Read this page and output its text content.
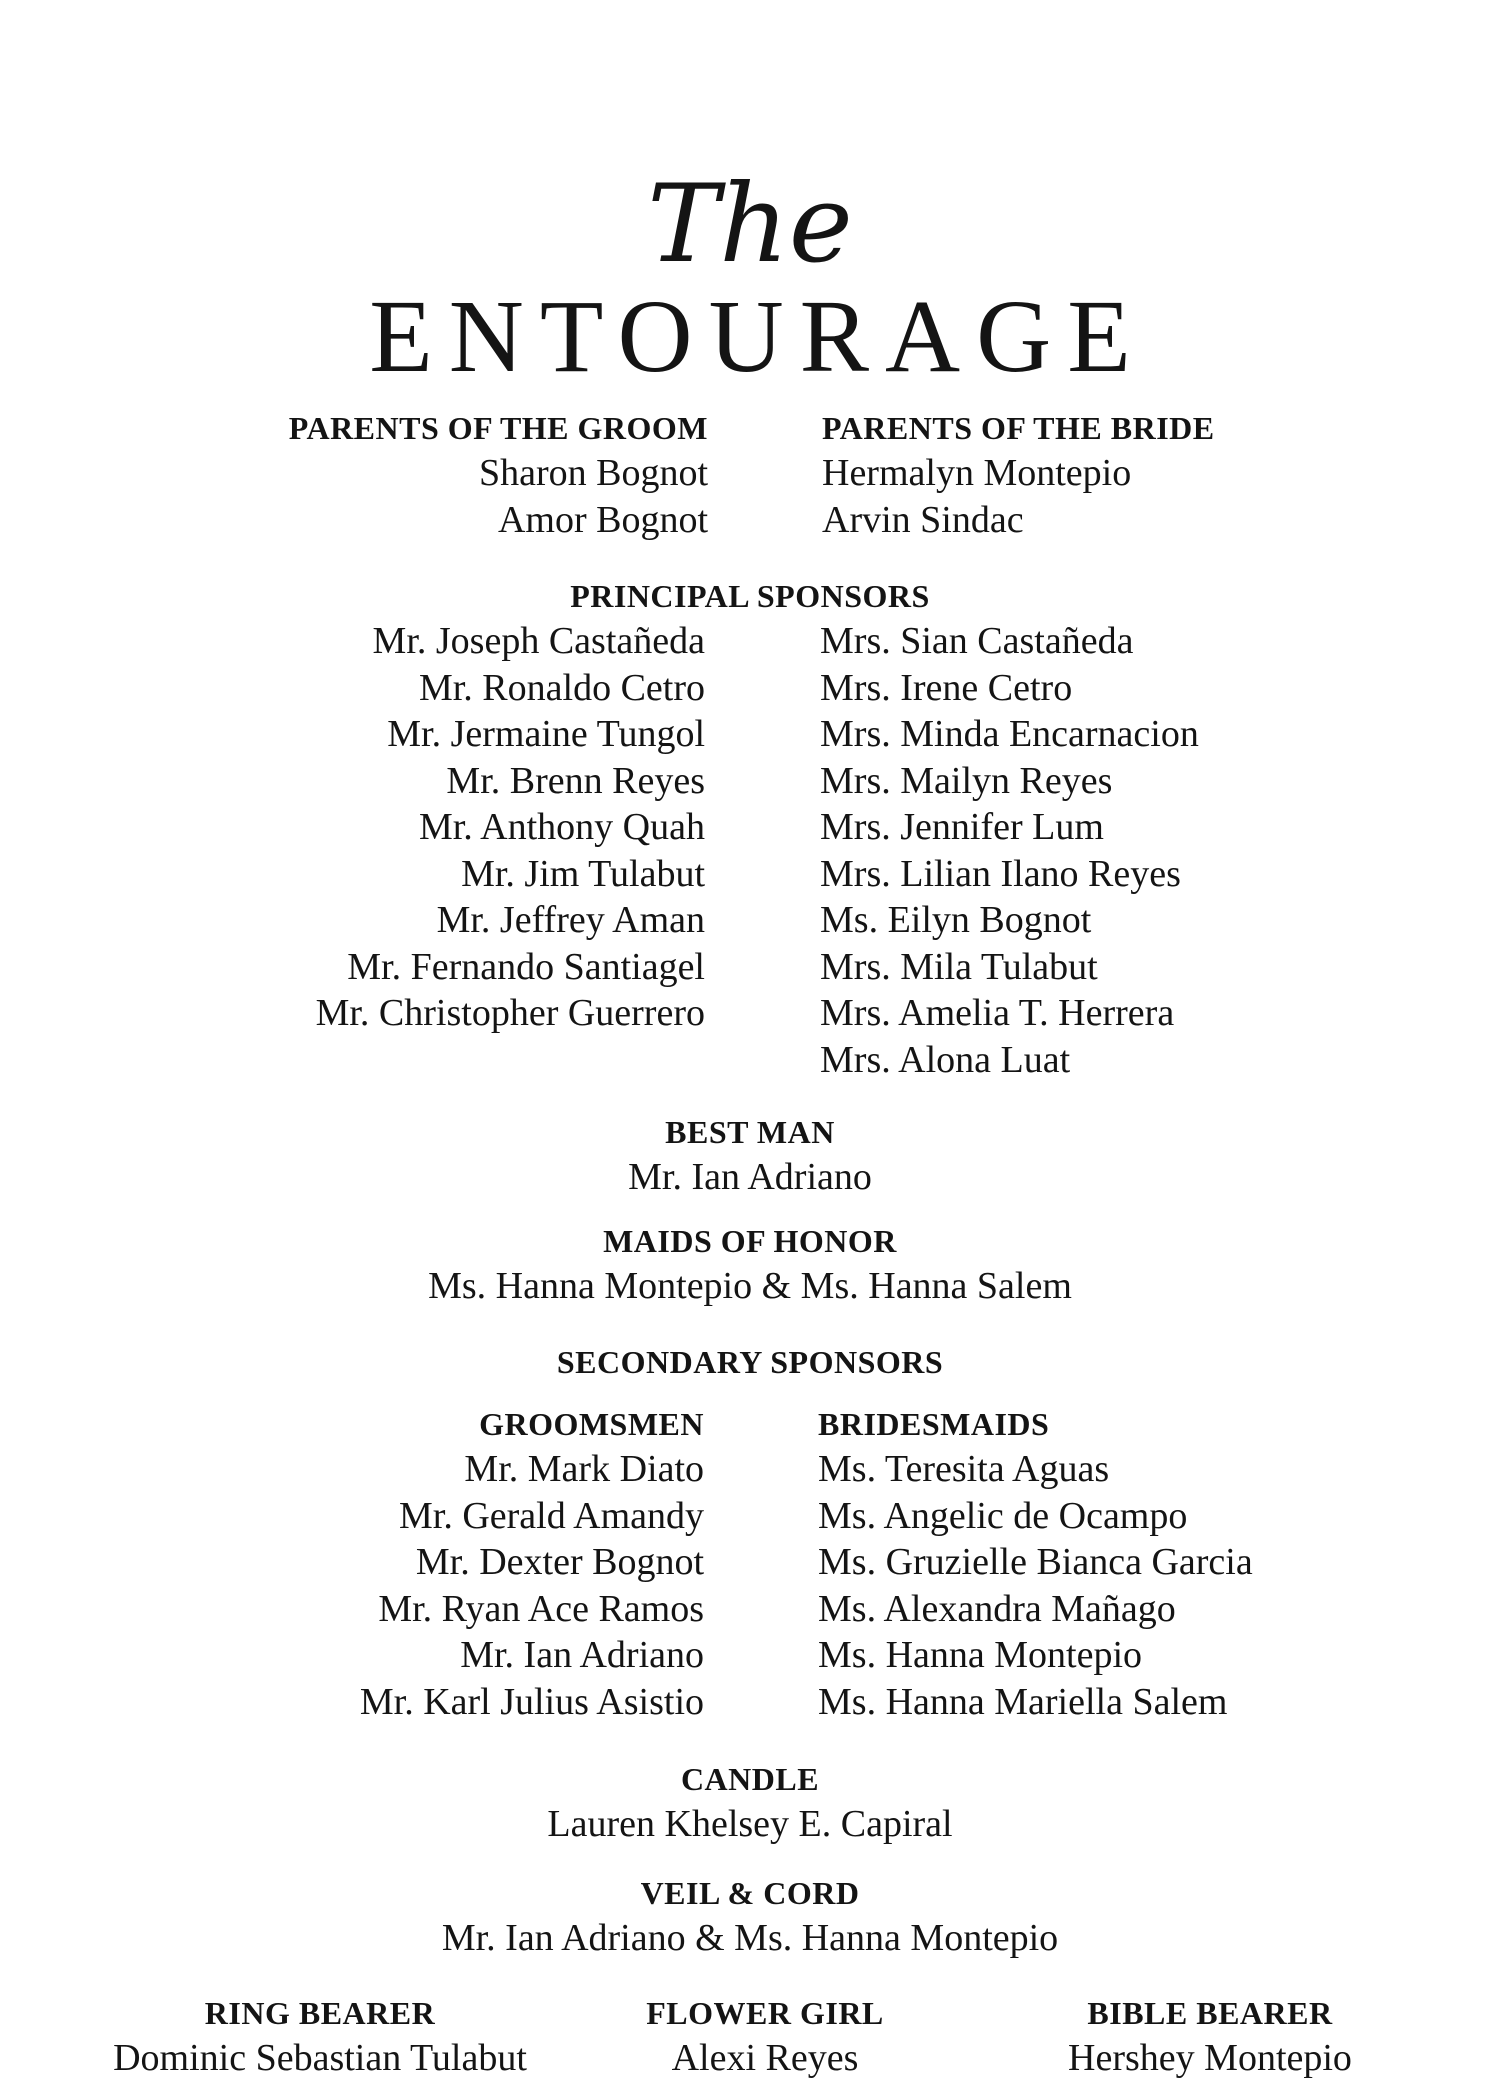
The
ENTOURAGE
PARENTS OF THE GROOM
Sharon Bognot
Amor Bognot
PARENTS OF THE BRIDE
Hermalyn Montepio
Arvin Sindac
PRINCIPAL SPONSORS
Mr. Joseph Castañeda
Mr. Ronaldo Cetro
Mr. Jermaine Tungol
Mr. Brenn Reyes
Mr. Anthony Quah
Mr. Jim Tulabut
Mr. Jeffrey Aman
Mr. Fernando Santiagel
Mr. Christopher Guerrero
Mrs. Sian Castañeda
Mrs. Irene Cetro
Mrs. Minda Encarnacion
Mrs. Mailyn Reyes
Mrs. Jennifer Lum
Mrs. Lilian Ilano Reyes
Ms. Eilyn Bognot
Mrs. Mila Tulabut
Mrs. Amelia T. Herrera
Mrs. Alona Luat
BEST MAN
Mr. Ian Adriano
MAIDS OF HONOR
Ms. Hanna Montepio & Ms. Hanna Salem
SECONDARY SPONSORS
GROOMSMEN
Mr. Mark Diato
Mr. Gerald Amandy
Mr. Dexter Bognot
Mr. Ryan Ace Ramos
Mr. Ian Adriano
Mr. Karl Julius Asistio
BRIDESMAIDS
Ms. Teresita Aguas
Ms. Angelic de Ocampo
Ms. Gruzielle Bianca Garcia
Ms. Alexandra Mañago
Ms. Hanna Montepio
Ms. Hanna Mariella Salem
CANDLE
Lauren Khelsey E. Capiral
VEIL & CORD
Mr. Ian Adriano & Ms. Hanna Montepio
RING BEARER
Dominic Sebastian Tulabut
FLOWER GIRL
Alexi Reyes
BIBLE BEARER
Hershey Montepio
